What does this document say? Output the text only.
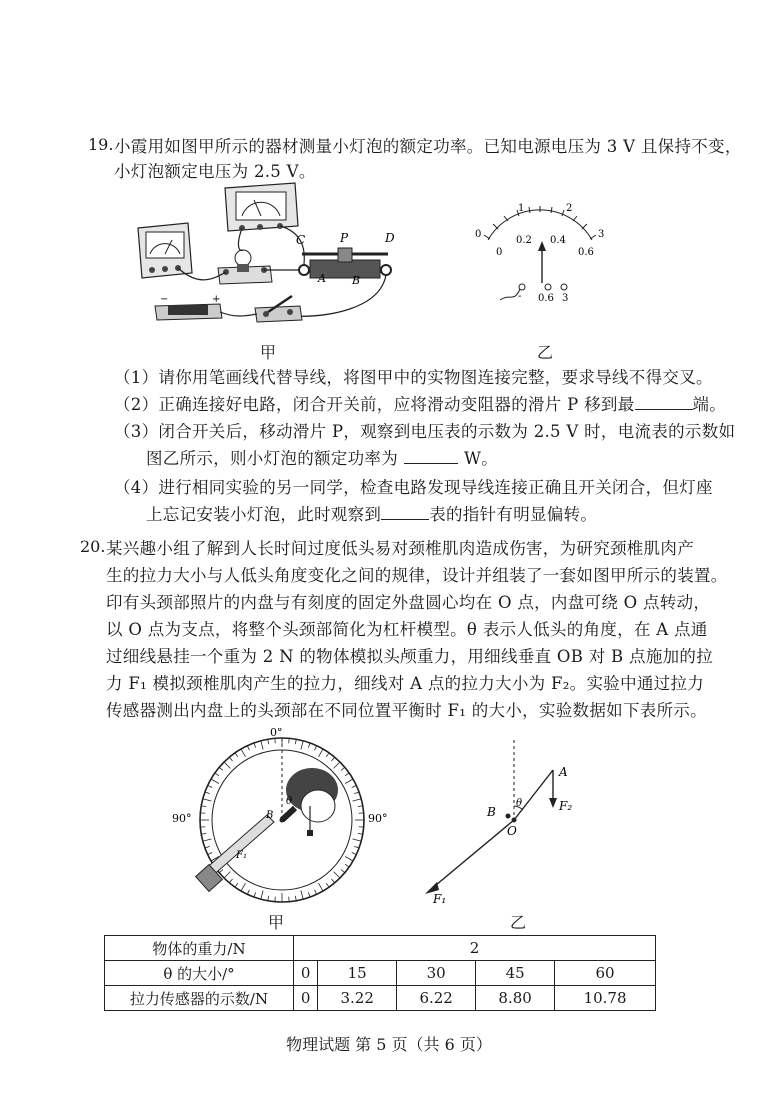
19. 小霞用如图甲所示的器材测量小灯泡的额定功率。已知电源电压为 3 V 且保持不变，
小灯泡额定电压为 2.5 V。
C	P	D
A B
−	+
甲
0
1	2
3
0
0.2 0.4
0.6
- 0.6 3
乙
（1）请你用笔画线代替导线，将图甲中的实物图连接完整，要求导线不得交叉。
（2）正确连接好电路，闭合开关前，应将滑动变阻器的滑片 P 移到最	端。
（3）闭合开关后，移动滑片 P，观察到电压表的示数为 2.5 V 时，电流表的示数如
图乙所示，则小灯泡的额定功率为	W。
（4）进行相同实验的另一同学，检查电路发现导线连接正确且开关闭合，但灯座
上忘记安装小灯泡，此时观察到	表的指针有明显偏转。
20. 某兴趣小组了解到人长时间过度低头易对颈椎肌肉造成伤害，为研究颈椎肌肉产
生的拉力大小与人低头角度变化之间的规律，设计并组装了一套如图甲所示的装置。
印有头颈部照片的内盘与有刻度的固定外盘圆心均在 O 点，内盘可绕 O 点转动，
以 O 点为支点，将整个头颈部简化为杠杆模型。θ 表示人低头的角度，在 A 点通
过细线悬挂一个重为 2 N 的物体模拟头颅重力，用细线垂直 OB 对 B 点施加的拉
力 F₁ 模拟颈椎肌肉产生的拉力，细线对 A 点的拉力大小为 F₂。实验中通过拉力
传感器测出内盘上的头颈部在不同位置平衡时 F₁ 的大小，实验数据如下表所示。
0°
90°	90°
B
θ
F₁
甲
A
F₂
B
θ
O
F₁
乙
物体的重力/N	2				
θ 的大小/°	0	15	30	45	60
拉力传感器的示数/N	0	3.22	6.22	8.80	10.78
物理试题 第 5 页（共 6 页）
